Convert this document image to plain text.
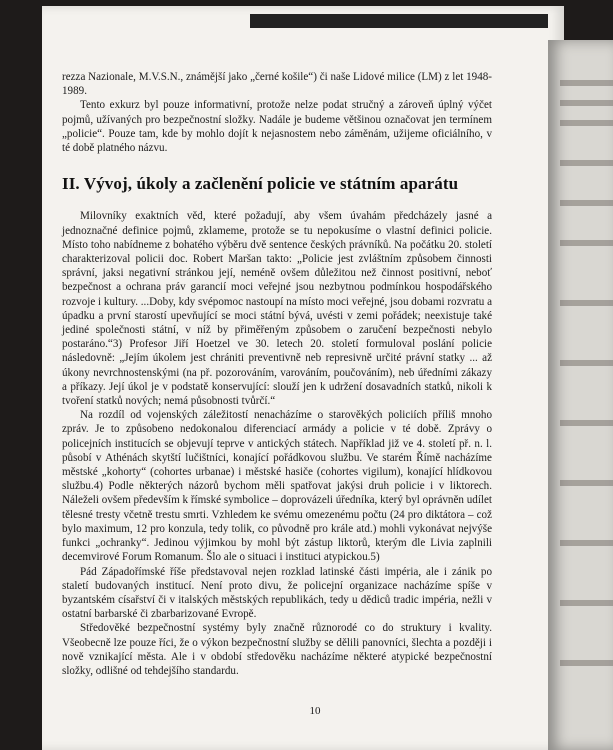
rezza Nazionale, M.V.S.N., známější jako „černé košile“) či naše Lidové milice (LM) z let 1948-1989.

Tento exkurz byl pouze informativní, protože nelze podat stručný a zároveň úplný výčet pojmů, užívaných pro bezpečnostní složky. Nadále je budeme většinou označovat jen termínem „policie“. Pouze tam, kde by mohlo dojít k nejasnostem nebo záměnám, užijeme oficiálního, v té době platného názvu.

II. Vývoj, úkoly a začlenění policie ve státním aparátu

Milovníky exaktních věd, které požadují, aby všem úvahám předcházely jasné a jednoznačné definice pojmů, zklameme, protože se tu nepokusíme o vlastní definici policie. Místo toho nabídneme z bohatého výběru dvě sentence českých právníků. Na počátku 20. století charakterizoval policii doc. Robert Maršan takto: „Policie jest zvláštním způsobem činnosti správní, jaksi negativní stránkou její, neméně ovšem důležitou než činnost positivní, neboť bezpečnost a ochrana práv garancií moci veřejné jsou nezbytnou podmínkou hospodářského rozvoje i kultury. ...Doby, kdy svépomoc nastoupí na místo moci veřejné, jsou dobami rozvratu a úpadku a první starostí upevňující se moci státní bývá, uvésti v zemi pořádek; neexistuje také jediné společnosti státní, v níž by přiměřeným způsobem o zaručení bezpečnosti nebylo postaráno.“3) Profesor Jiří Hoetzel ve 30. letech 20. století formuloval poslání policie následovně: „Jejím úkolem jest chrániti preventivně neb represivně určité právní statky ... až úkony nevrchnostenskými (na př. pozorováním, varováním, poučováním), neb úředními zákazy a příkazy. Její úkol je v podstatě konservující: slouží jen k udržení dosavadních statků, nikoli k tvoření statků nových; nemá působnosti tvůrčí.“

Na rozdíl od vojenských záležitostí nenacházíme o starověkých policiích příliš mnoho zpráv. Je to způsobeno nedokonalou diferenciací armády a policie v té době. Zprávy o policejních institucích se objevují teprve v antických státech. Například již ve 4. století př. n. l. působí v Athénách skytští lučištníci, konající pořádkovou službu. Ve starém Římě nacházíme městské „kohorty“ (cohortes urbanae) i městské hasiče (cohortes vigilum), konající hlídkovou službu.4) Podle některých názorů bychom měli spatřovat jakýsi druh policie i v liktorech. Náleželi ovšem především k římské symbolice – doprovázeli úředníka, který byl oprávněn udílet tělesné tresty včetně trestu smrti. Vzhledem ke svému omezenému počtu (24 pro diktátora – což bylo maximum, 12 pro konzula, tedy tolik, co původně pro krále atd.) mohli vykonávat nejvýše funkci „ochranky“. Jedinou výjimkou by mohl být zástup liktorů, kterým dle Livia zaplnili decemvirové Forum Romanum. Šlo ale o situaci i instituci atypickou.5)

Pád Západořímské říše představoval nejen rozklad latinské části impéria, ale i zánik po staletí budovaných institucí. Není proto divu, že policejní organizace nacházíme spíše v byzantském císařství či v italských městských republikách, tedy u dědiců tradic impéria, nežli v ostatní barbarské či zbarbarizované Evropě.

Středověké bezpečnostní systémy byly značně různorodé co do struktury i kvality. Všeobecně lze pouze říci, že o výkon bezpečnostní služby se dělili panovníci, šlechta a později i nově vznikající města. Ale i v období středověku nacházíme některé atypické bezpečnostní složky, odlišné od tehdejšího standardu.

10
